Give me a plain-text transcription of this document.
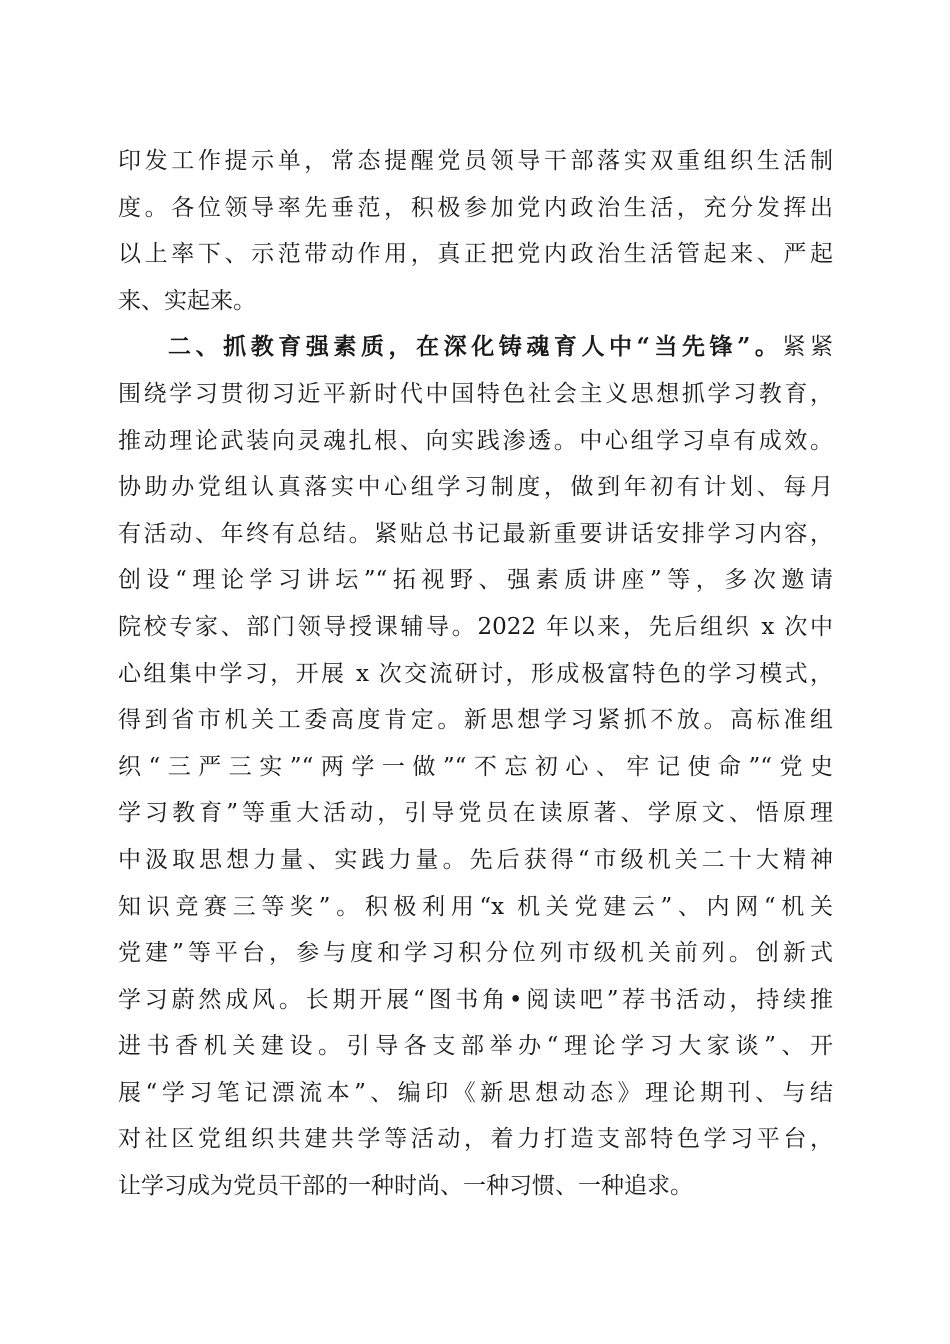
印发工作提示单，常态提醒党员领导干部落实双重组织生活制
度。各位领导率先垂范，积极参加党内政治生活，充分发挥出
以上率下、示范带动作用，真正把党内政治生活管起来、严起
来、实起来。
二、抓教育强素质，在深化铸魂育人中“当先锋”。紧紧
围绕学习贯彻习近平新时代中国特色社会主义思想抓学习教育，
推动理论武装向灵魂扎根、向实践渗透。中心组学习卓有成效。
协助办党组认真落实中心组学习制度，做到年初有计划、每月
有活动、年终有总结。紧贴总书记最新重要讲话安排学习内容，
创设“理论学习讲坛”“拓视野、强素质讲座”等，多次邀请
院校专家、部门领导授课辅导。2022 年以来，先后组织 x 次中
心组集中学习，开展 x 次交流研讨，形成极富特色的学习模式，
得到省市机关工委高度肯定。新思想学习紧抓不放。高标准组
织“三严三实”“两学一做”“不忘初心、牢记使命”“党史
学习教育”等重大活动，引导党员在读原著、学原文、悟原理
中汲取思想力量、实践力量。先后获得“市级机关二十大精神
知识竞赛三等奖”。积极利用“x 机关党建云”、内网“机关
党建”等平台，参与度和学习积分位列市级机关前列。创新式
学习蔚然成风。长期开展“图书角•阅读吧”荐书活动，持续推
进书香机关建设。引导各支部举办“理论学习大家谈”、开
展“学习笔记漂流本”、编印《新思想动态》理论期刊、与结
对社区党组织共建共学等活动，着力打造支部特色学习平台，
让学习成为党员干部的一种时尚、一种习惯、一种追求。
